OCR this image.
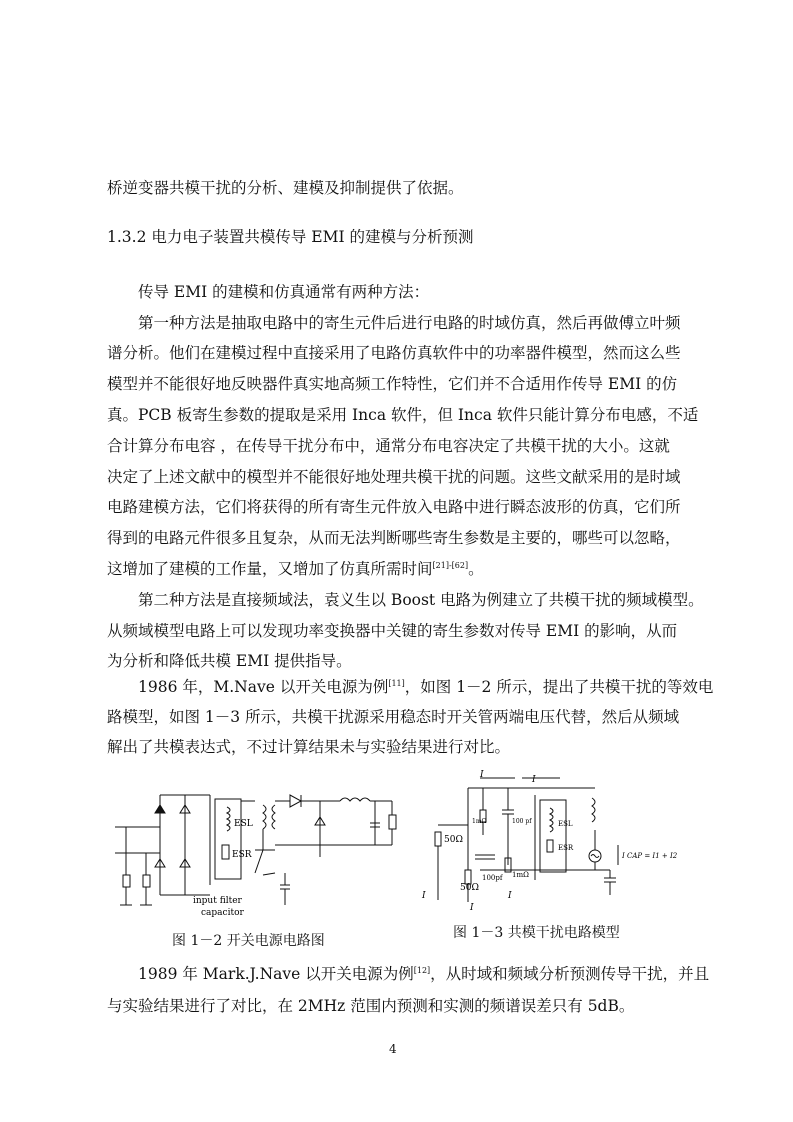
桥逆变器共模干扰的分析、建模及抑制提供了依据。
1.3.2 电力电子装置共模传导 EMI 的建模与分析预测
传导 EMI 的建模和仿真通常有两种方法：
第一种方法是抽取电路中的寄生元件后进行电路的时域仿真，然后再做傅立叶频
谱分析。他们在建模过程中直接采用了电路仿真软件中的功率器件模型，然而这么些
模型并不能很好地反映器件真实地高频工作特性，它们并不合适用作传导 EMI 的仿
真。PCB 板寄生参数的提取是采用 Inca 软件，但 Inca 软件只能计算分布电感，不适
合计算分布电容 ，在传导干扰分布中，通常分布电容决定了共模干扰的大小。这就
决定了上述文献中的模型并不能很好地处理共模干扰的问题。这些文献采用的是时域
电路建模方法，它们将获得的所有寄生元件放入电路中进行瞬态波形的仿真，它们所
得到的电路元件很多且复杂，从而无法判断哪些寄生参数是主要的，哪些可以忽略，
这增加了建模的工作量，又增加了仿真所需时间[21]-[62]。
第二种方法是直接频域法，袁义生以 Boost 电路为例建立了共模干扰的频域模型。
从频域模型电路上可以发现功率变换器中关键的寄生参数对传导 EMI 的影响，从而
为分析和降低共模 EMI 提供指导。
1986 年，M.Nave 以开关电源为例[11]，如图 1－2 所示，提出了共模干扰的等效电
路模型，如图 1－3 所示，共模干扰源采用稳态时开关管两端电压代替，然后从频域
解出了共模表达式，不过计算结果未与实验结果进行对比。
ESL
ESR
input filter
capacitor
图 1－2 开关电源电路图
I	I
1mΩ	100 pf
50Ω
50Ω
100pf 1mΩ
ESL
ESR
I CAP = I1 + I2
I
I
I
图 1－3 共模干扰电路模型
1989 年 Mark.J.Nave 以开关电源为例[12]，从时域和频域分析预测传导干扰，并且
与实验结果进行了对比，在 2MHz 范围内预测和实测的频谱误差只有 5dB。
4
